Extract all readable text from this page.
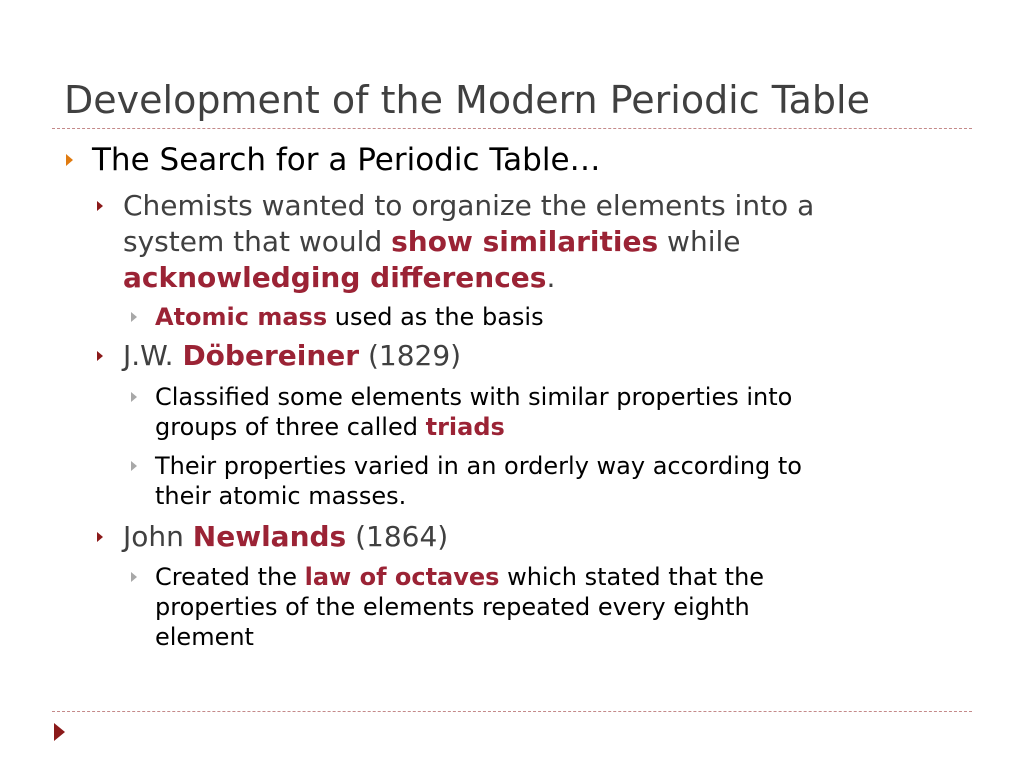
Development of the Modern Periodic Table
The Search for a Periodic Table…
Chemists wanted to organize the elements into a
system that would show similarities while
acknowledging differences.
Atomic mass used as the basis
J.W. Döbereiner (1829)
Classified some elements with similar properties into
groups of three called triads
Their properties varied in an orderly way according to
their atomic masses.
John Newlands (1864)
Created the law of octaves which stated that the
properties of the elements repeated every eighth
element
